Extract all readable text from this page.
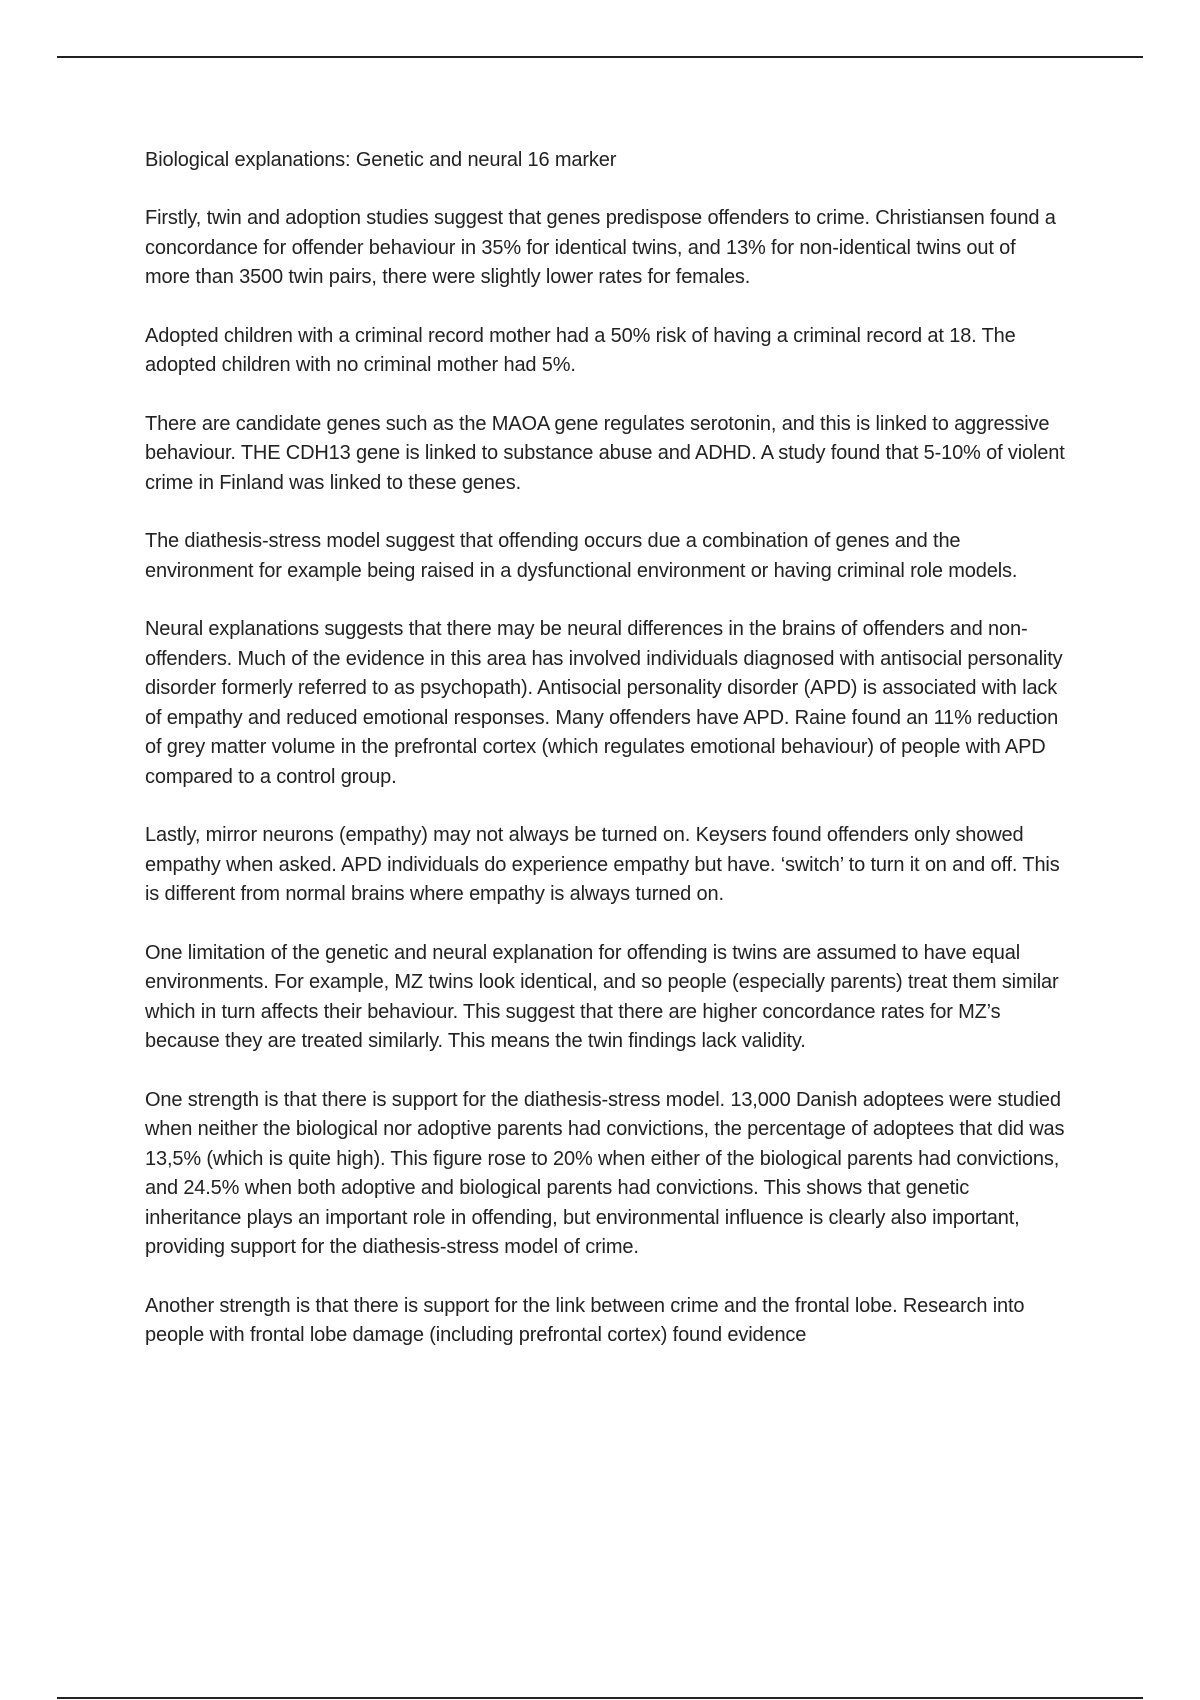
Biological explanations: Genetic and neural 16 marker

Firstly, twin and adoption studies suggest that genes predispose offenders to crime. Christiansen found a concordance for offender behaviour in 35% for identical twins, and 13% for non-identical twins out of more than 3500 twin pairs, there were slightly lower rates for females.

Adopted children with a criminal record mother had a 50% risk of having a criminal record at 18. The adopted children with no criminal mother had 5%.

There are candidate genes such as the MAOA gene regulates serotonin, and this is linked to aggressive behaviour. THE CDH13 gene is linked to substance abuse and ADHD. A study found that 5-10% of violent crime in Finland was linked to these genes.

The diathesis-stress model suggest that offending occurs due a combination of genes and the environment for example being raised in a dysfunctional environment or having criminal role models.

Neural explanations suggests that there may be neural differences in the brains of offenders and non-offenders. Much of the evidence in this area has involved individuals diagnosed with antisocial personality disorder formerly referred to as psychopath). Antisocial personality disorder (APD) is associated with lack of empathy and reduced emotional responses. Many offenders have APD. Raine found an 11% reduction of grey matter volume in the prefrontal cortex (which regulates emotional behaviour) of people with APD compared to a control group.

Lastly, mirror neurons (empathy) may not always be turned on. Keysers found offenders only showed empathy when asked. APD individuals do experience empathy but have. ‘switch’ to turn it on and off. This is different from normal brains where empathy is always turned on.

One limitation of the genetic and neural explanation for offending is twins are assumed to have equal environments. For example, MZ twins look identical, and so people (especially parents) treat them similar which in turn affects their behaviour. This suggest that there are higher concordance rates for MZ’s because they are treated similarly. This means the twin findings lack validity.

One strength is that there is support for the diathesis-stress model. 13,000 Danish adoptees were studied when neither the biological nor adoptive parents had convictions, the percentage of adoptees that did was 13,5% (which is quite high). This figure rose to 20% when either of the biological parents had convictions, and 24.5% when both adoptive and biological parents had convictions. This shows that genetic inheritance plays an important role in offending, but environmental influence is clearly also important, providing support for the diathesis-stress model of crime.

Another strength is that there is support for the link between crime and the frontal lobe. Research into people with frontal lobe damage (including prefrontal cortex) found evidence
